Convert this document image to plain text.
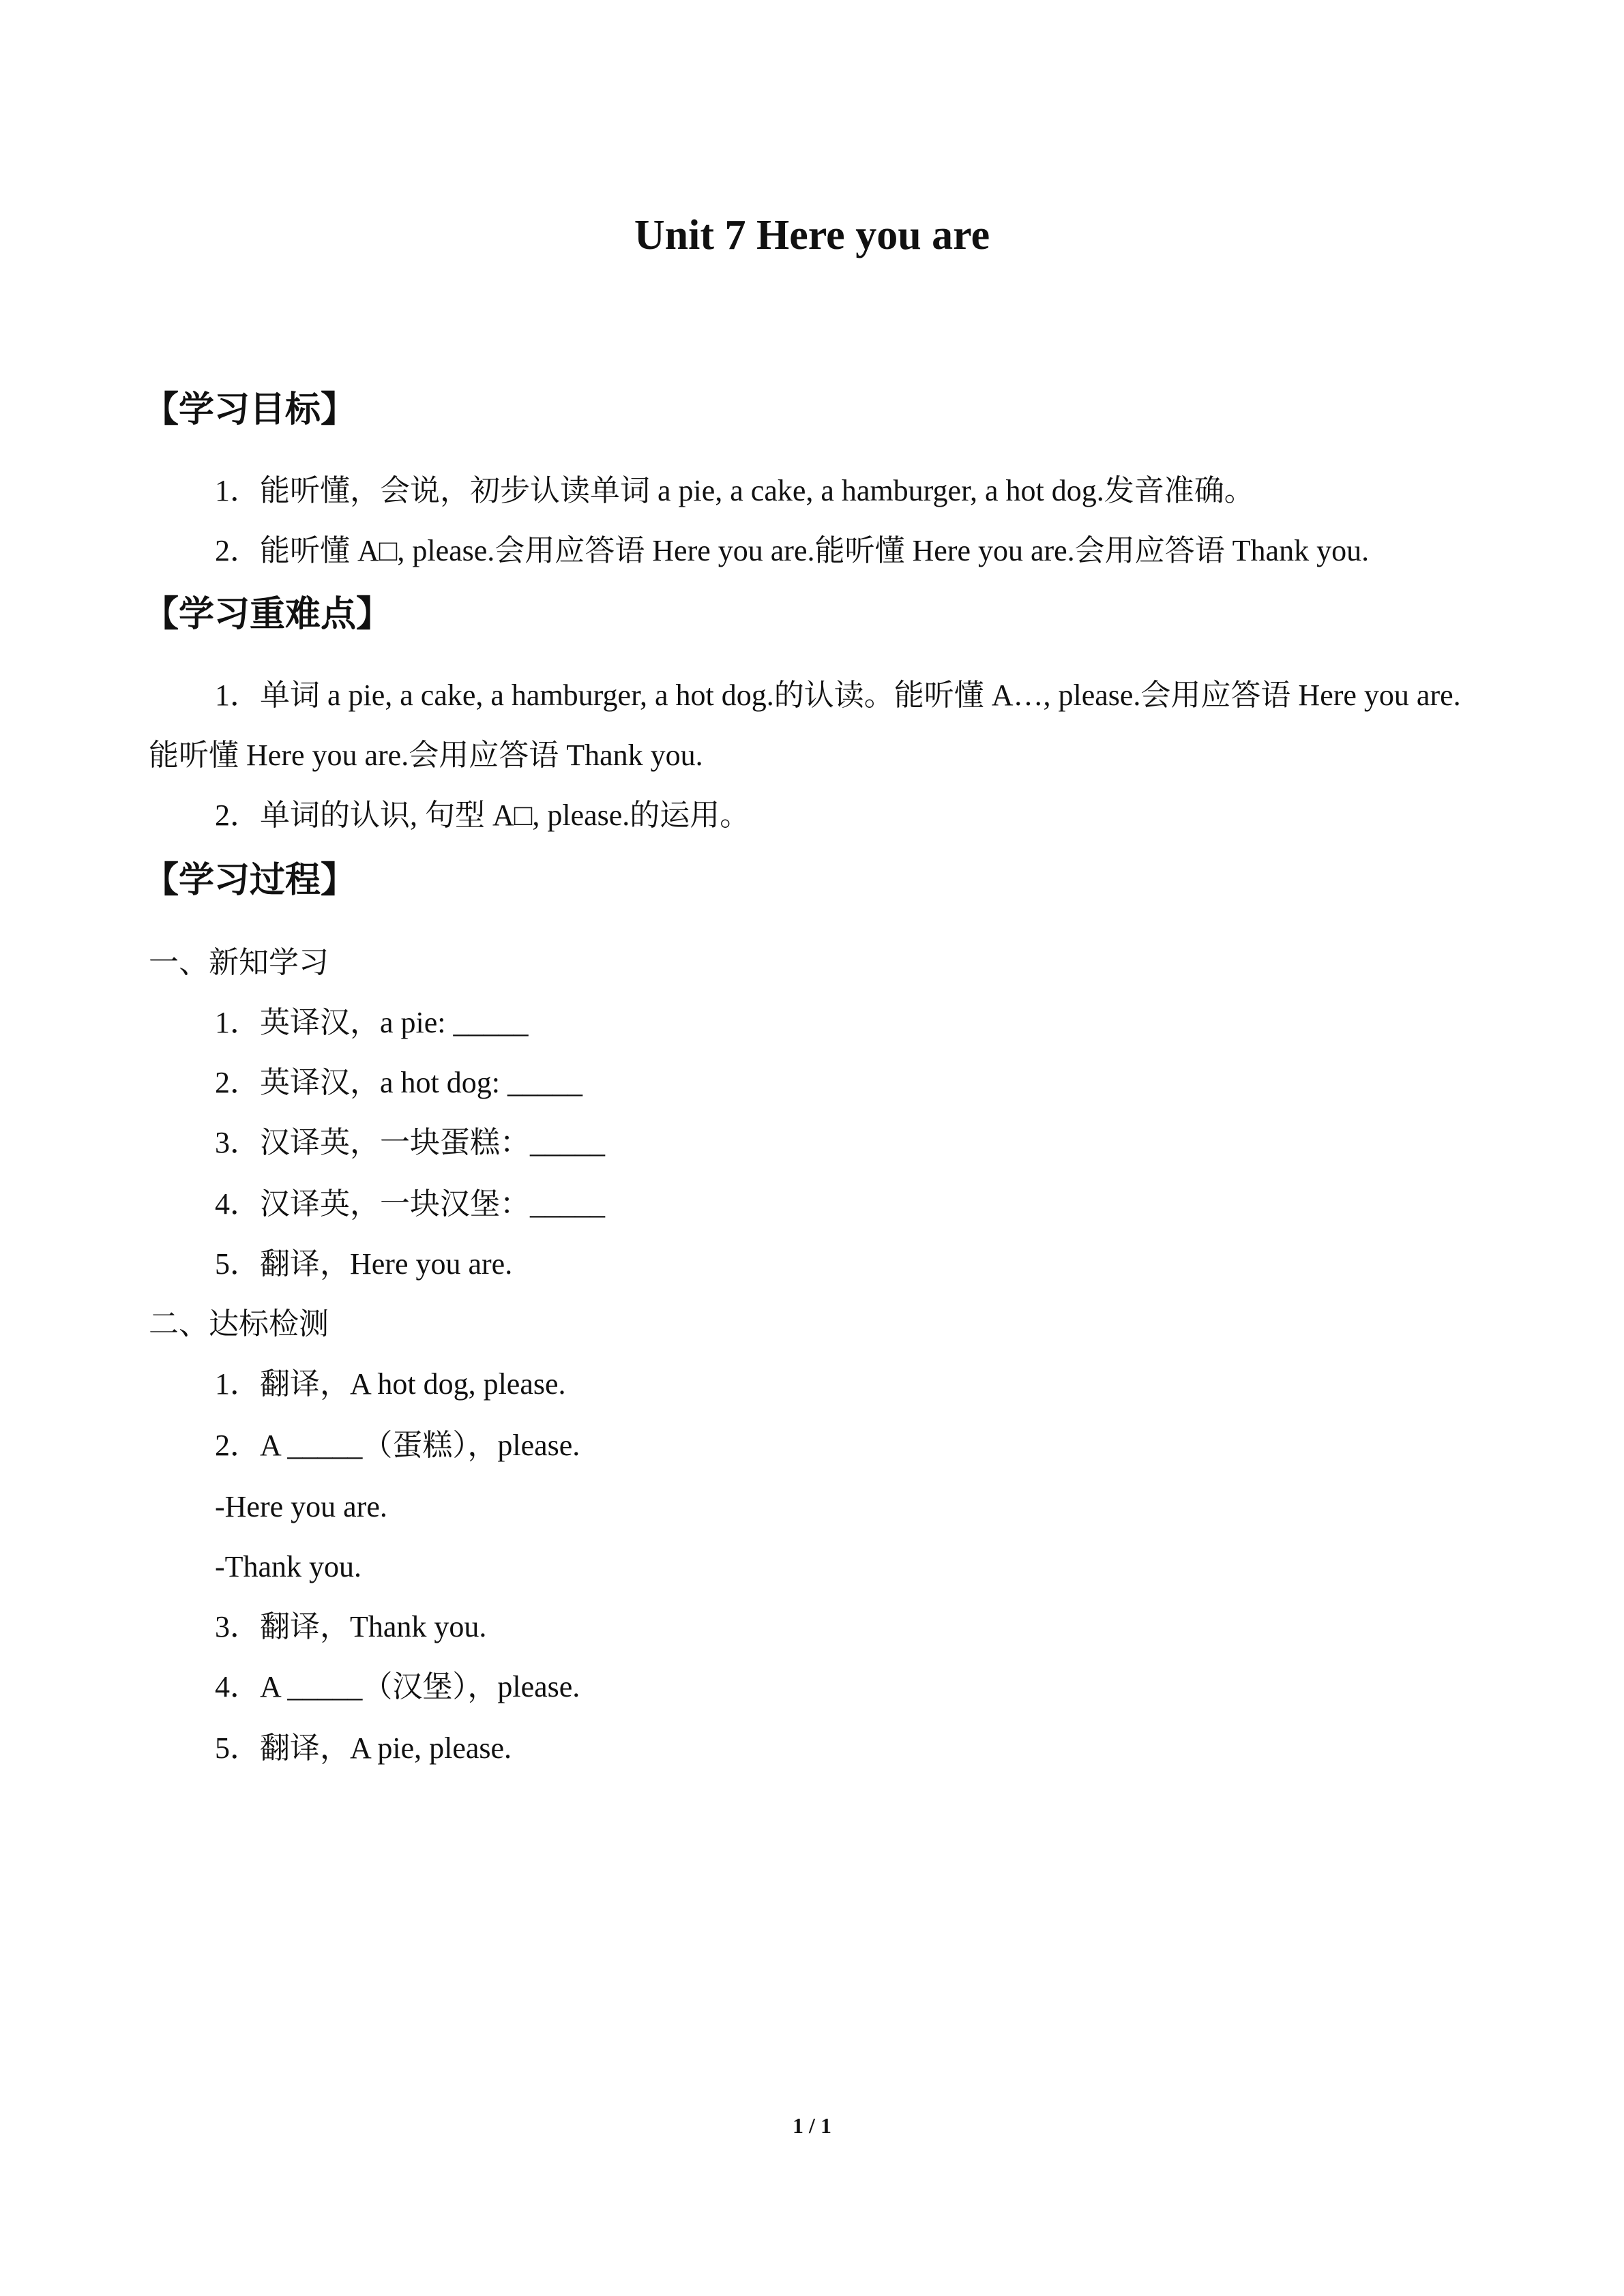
Unit 7 Here you are
【学习目标】
1．能听懂，会说，初步认读单词 a pie, a cake, a hamburger, a hot dog.发音准确。
2．能听懂 A□, please.会用应答语 Here you are.能听懂 Here you are.会用应答语 Thank you.
【学习重难点】
1．单词 a pie, a cake, a hamburger, a hot dog.的认读。能听懂 A…, please.会用应答语 Here you are.能听懂 Here you are.会用应答语 Thank you.
2．单词的认识, 句型 A□, please.的运用。
【学习过程】
一、新知学习
1．英译汉，a pie: _____
2．英译汉，a hot dog: _____
3．汉译英，一块蛋糕：_____
4．汉译英，一块汉堡：_____
5．翻译，Here you are.
二、达标检测
1．翻译，A hot dog, please.
2．A _____（蛋糕），please.
-Here you are.
-Thank you.
3．翻译，Thank you.
4．A _____（汉堡），please.
5．翻译，A pie, please.
1 / 1
